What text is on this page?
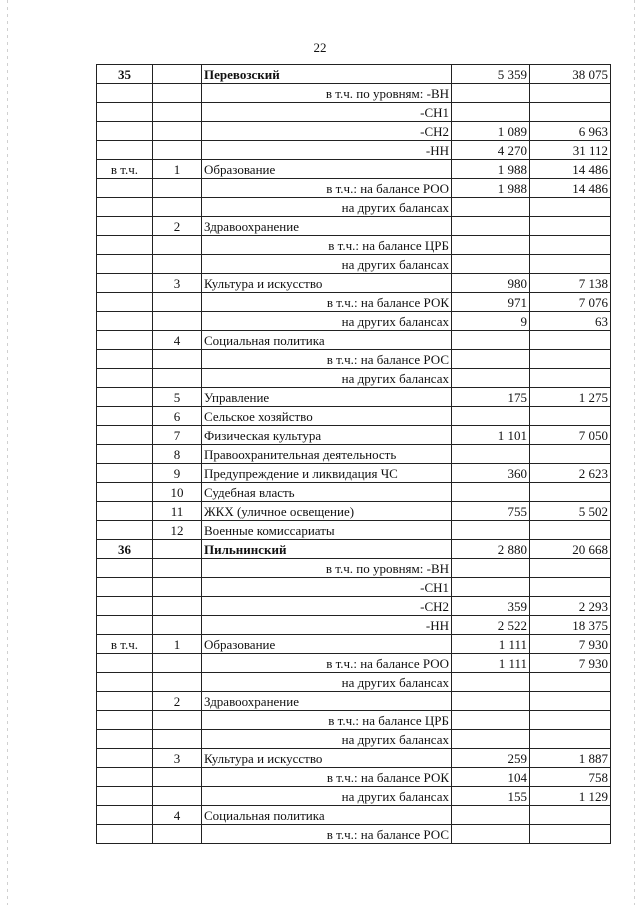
22
35		Перевозский	5 359	38 075
		в т.ч. по уровням: -ВН		
		-СН1		
		-СН2	1 089	6 963
		-НН	4 270	31 112
в т.ч.	1	Образование	1 988	14 486
		в т.ч.: на балансе РОО	1 988	14 486
		на других балансах		
	2	Здравоохранение		
		в т.ч.: на балансе ЦРБ		
		на других балансах		
	3	Культура и искусство	980	7 138
		в т.ч.: на балансе РОК	971	7 076
		на других балансах	9	63
	4	Социальная политика		
		в т.ч.: на балансе РОС		
		на других балансах		
	5	Управление	175	1 275
	6	Сельское хозяйство		
	7	Физическая культура	1 101	7 050
	8	Правоохранительная деятельность		
	9	Предупреждение и ликвидация ЧС	360	2 623
	10	Судебная власть		
	11	ЖКХ (уличное освещение)	755	5 502
	12	Военные комиссариаты		
36		Пильнинский	2 880	20 668
		в т.ч. по уровням: -ВН		
		-СН1		
		-СН2	359	2 293
		-НН	2 522	18 375
в т.ч.	1	Образование	1 111	7 930
		в т.ч.: на балансе РОО	1 111	7 930
		на других балансах		
	2	Здравоохранение		
		в т.ч.: на балансе ЦРБ		
		на других балансах		
	3	Культура и искусство	259	1 887
		в т.ч.: на балансе РОК	104	758
		на других балансах	155	1 129
	4	Социальная политика		
		в т.ч.: на балансе РОС		
